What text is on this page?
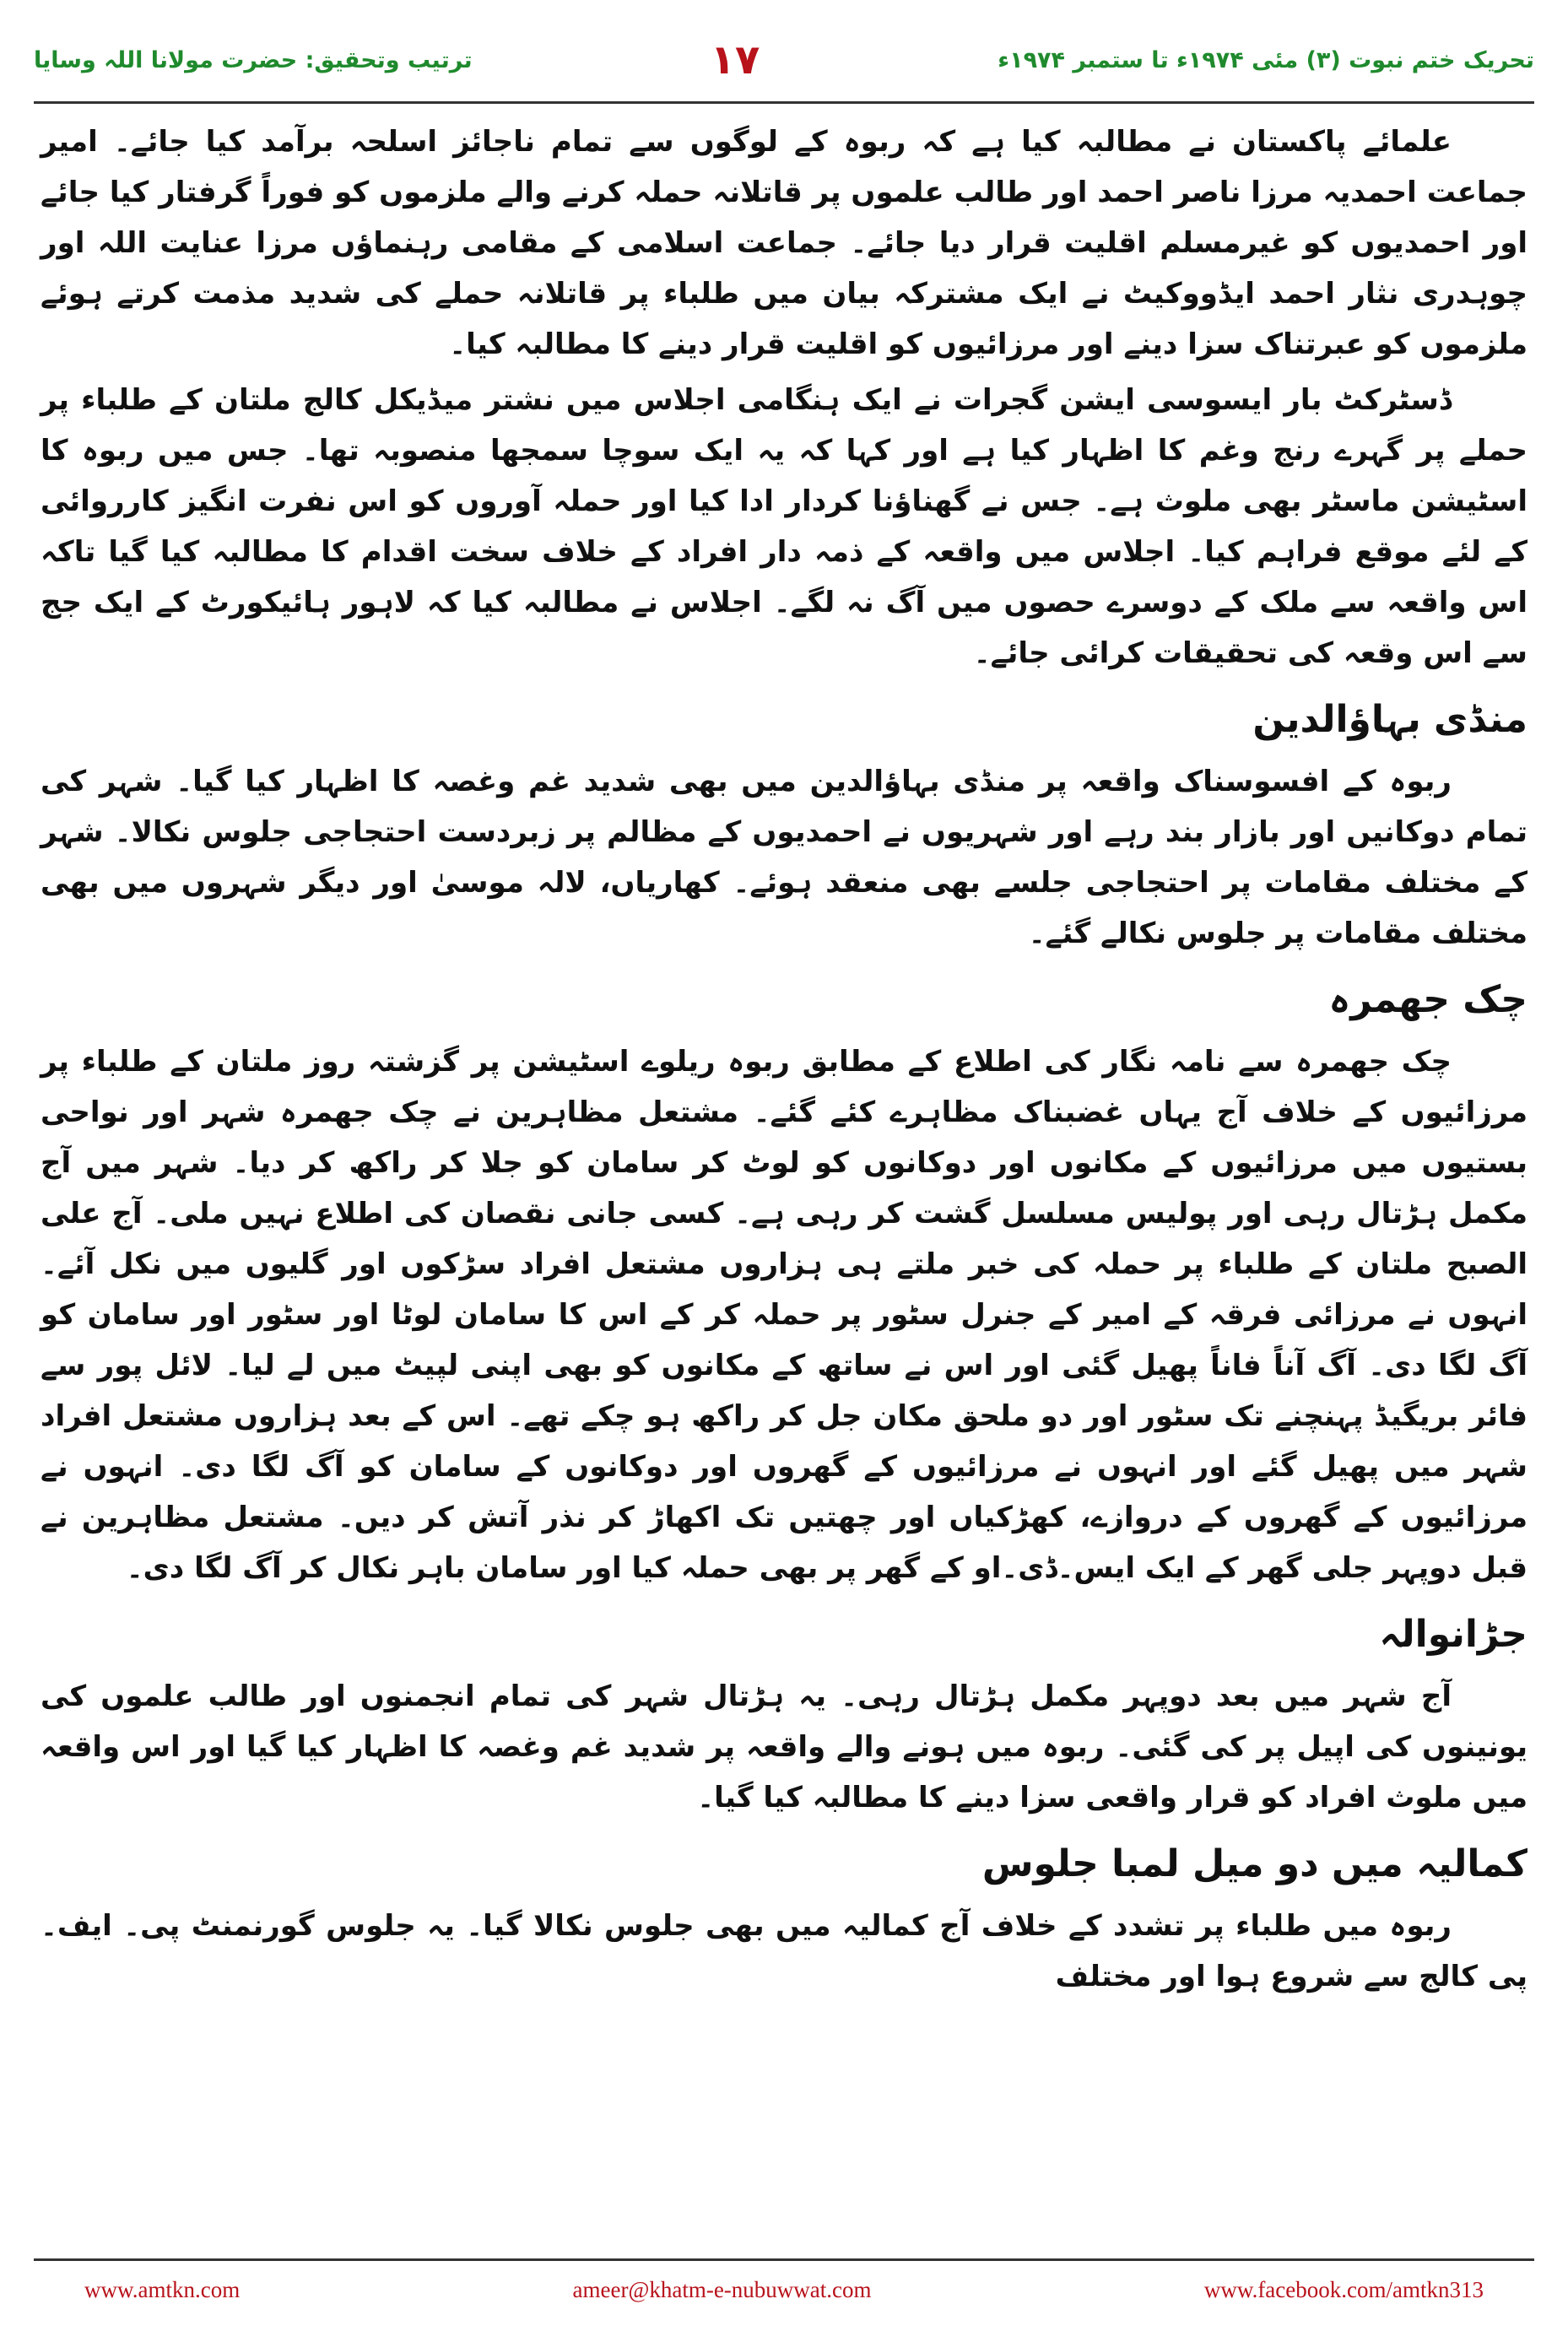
ترتیب وتحقیق: حضرت مولانا اللہ وسایا	۱۷	تحریک ختم نبوت (۳) مئی ۱۹۷۴ء تا ستمبر ۱۹۷۴ء

علمائے پاکستان نے مطالبہ کیا ہے کہ ربوہ کے لوگوں سے تمام ناجائز اسلحہ برآمد کیا جائے۔ امیر جماعت احمدیہ مرزا ناصر احمد اور طالب علموں پر قاتلانہ حملہ کرنے والے ملزموں کو فوراً گرفتار کیا جائے اور احمدیوں کو غیرمسلم اقلیت قرار دیا جائے۔ جماعت اسلامی کے مقامی رہنماؤں مرزا عنایت اللہ اور چوہدری نثار احمد ایڈووکیٹ نے ایک مشترکہ بیان میں طلباء پر قاتلانہ حملے کی شدید مذمت کرتے ہوئے ملزموں کو عبرتناک سزا دینے اور مرزائیوں کو اقلیت قرار دینے کا مطالبہ کیا۔

ڈسٹرکٹ بار ایسوسی ایشن گجرات نے ایک ہنگامی اجلاس میں نشتر میڈیکل کالج ملتان کے طلباء پر حملے پر گہرے رنج وغم کا اظہار کیا ہے اور کہا کہ یہ ایک سوچا سمجھا منصوبہ تھا۔ جس میں ربوہ کا اسٹیشن ماسٹر بھی ملوث ہے۔ جس نے گھناؤنا کردار ادا کیا اور حملہ آوروں کو اس نفرت انگیز کارروائی کے لئے موقع فراہم کیا۔ اجلاس میں واقعہ کے ذمہ دار افراد کے خلاف سخت اقدام کا مطالبہ کیا گیا تاکہ اس واقعہ سے ملک کے دوسرے حصوں میں آگ نہ لگے۔ اجلاس نے مطالبہ کیا کہ لاہور ہائیکورٹ کے ایک جج سے اس وقعہ کی تحقیقات کرائی جائے۔

منڈی بہاؤالدین

ربوہ کے افسوسناک واقعہ پر منڈی بہاؤالدین میں بھی شدید غم وغصہ کا اظہار کیا گیا۔ شہر کی تمام دوکانیں اور بازار بند رہے اور شہریوں نے احمدیوں کے مظالم پر زبردست احتجاجی جلوس نکالا۔ شہر کے مختلف مقامات پر احتجاجی جلسے بھی منعقد ہوئے۔ کھاریاں، لالہ موسیٰ اور دیگر شہروں میں بھی مختلف مقامات پر جلوس نکالے گئے۔

چک جھمرہ

چک جھمرہ سے نامہ نگار کی اطلاع کے مطابق ربوہ ریلوے اسٹیشن پر گزشتہ روز ملتان کے طلباء پر مرزائیوں کے خلاف آج یہاں غضبناک مظاہرے کئے گئے۔ مشتعل مظاہرین نے چک جھمرہ شہر اور نواحی بستیوں میں مرزائیوں کے مکانوں اور دوکانوں کو لوٹ کر سامان کو جلا کر راکھ کر دیا۔ شہر میں آج مکمل ہڑتال رہی اور پولیس مسلسل گشت کر رہی ہے۔ کسی جانی نقصان کی اطلاع نہیں ملی۔ آج علی الصبح ملتان کے طلباء پر حملہ کی خبر ملتے ہی ہزاروں مشتعل افراد سڑکوں اور گلیوں میں نکل آئے۔ انہوں نے مرزائی فرقہ کے امیر کے جنرل سٹور پر حملہ کر کے اس کا سامان لوٹا اور سٹور اور سامان کو آگ لگا دی۔ آگ آناً فاناً پھیل گئی اور اس نے ساتھ کے مکانوں کو بھی اپنی لپیٹ میں لے لیا۔ لائل پور سے فائر بریگیڈ پہنچنے تک سٹور اور دو ملحق مکان جل کر راکھ ہو چکے تھے۔ اس کے بعد ہزاروں مشتعل افراد شہر میں پھیل گئے اور انہوں نے مرزائیوں کے گھروں اور دوکانوں کے سامان کو آگ لگا دی۔ انہوں نے مرزائیوں کے گھروں کے دروازے، کھڑکیاں اور چھتیں تک اکھاڑ کر نذر آتش کر دیں۔ مشتعل مظاہرین نے قبل دوپہر جلی گھر کے ایک ایس۔ڈی۔او کے گھر پر بھی حملہ کیا اور سامان باہر نکال کر آگ لگا دی۔

جڑانوالہ

آج شہر میں بعد دوپہر مکمل ہڑتال رہی۔ یہ ہڑتال شہر کی تمام انجمنوں اور طالب علموں کی یونینوں کی اپیل پر کی گئی۔ ربوہ میں ہونے والے واقعہ پر شدید غم وغصہ کا اظہار کیا گیا اور اس واقعہ میں ملوث افراد کو قرار واقعی سزا دینے کا مطالبہ کیا گیا۔

کمالیہ میں دو میل لمبا جلوس

ربوہ میں طلباء پر تشدد کے خلاف آج کمالیہ میں بھی جلوس نکالا گیا۔ یہ جلوس گورنمنٹ پی۔ ایف۔ پی کالج سے شروع ہوا اور مختلف

www.amtkn.com	ameer@khatm-e-nubuwwat.com	www.facebook.com/amtkn313
